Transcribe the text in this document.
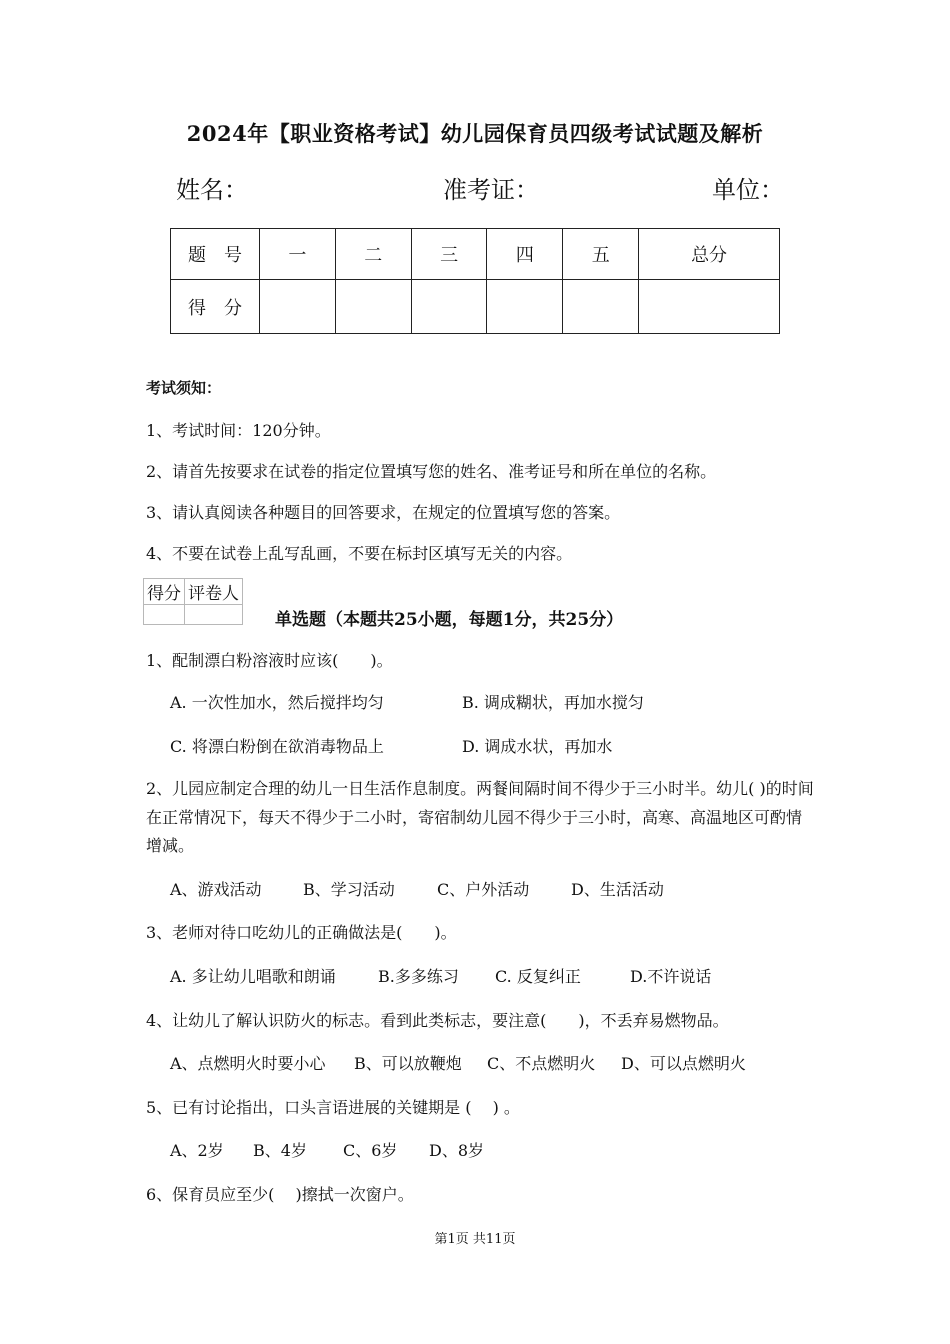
2024年【职业资格考试】幼儿园保育员四级考试试题及解析
姓名：	准考证：	单位：
题　号	一	二	三	四	五	总分
得　分						
考试须知：
1、考试时间：120分钟。
2、请首先按要求在试卷的指定位置填写您的姓名、准考证号和所在单位的名称。
3、请认真阅读各种题目的回答要求，在规定的位置填写您的答案。
4、不要在试卷上乱写乱画，不要在标封区填写无关的内容。
得分	评卷人

单选题（本题共25小题，每题1分，共25分）
1、配制漂白粉溶液时应该(　　)。
A. 一次性加水，然后搅拌均匀	B. 调成糊状，再加水搅匀
C. 将漂白粉倒在欲消毒物品上	D. 调成水状，再加水
2、儿园应制定合理的幼儿一日生活作息制度。两餐间隔时间不得少于三小时半。幼儿( )的时间在正常情况下，每天不得少于二小时，寄宿制幼儿园不得少于三小时，高寒、高温地区可酌情增减。
A、游戏活动	B、学习活动	C、户外活动	D、生活活动
3、老师对待口吃幼儿的正确做法是(　　)。
A. 多让幼儿唱歌和朗诵	B.多多练习 C. 反复纠正	D.不许说话
4、让幼儿了解认识防火的标志。看到此类标志，要注意(　　)，不丢弃易燃物品。
A、点燃明火时要小心 B、可以放鞭炮 C、不点燃明火 D、可以点燃明火
5、已有讨论指出，口头言语进展的关键期是 (　 ) 。
A、2岁 B、4岁 C、6岁 D、8岁
6、保育员应至少(　 )擦拭一次窗户。
第1页 共11页
